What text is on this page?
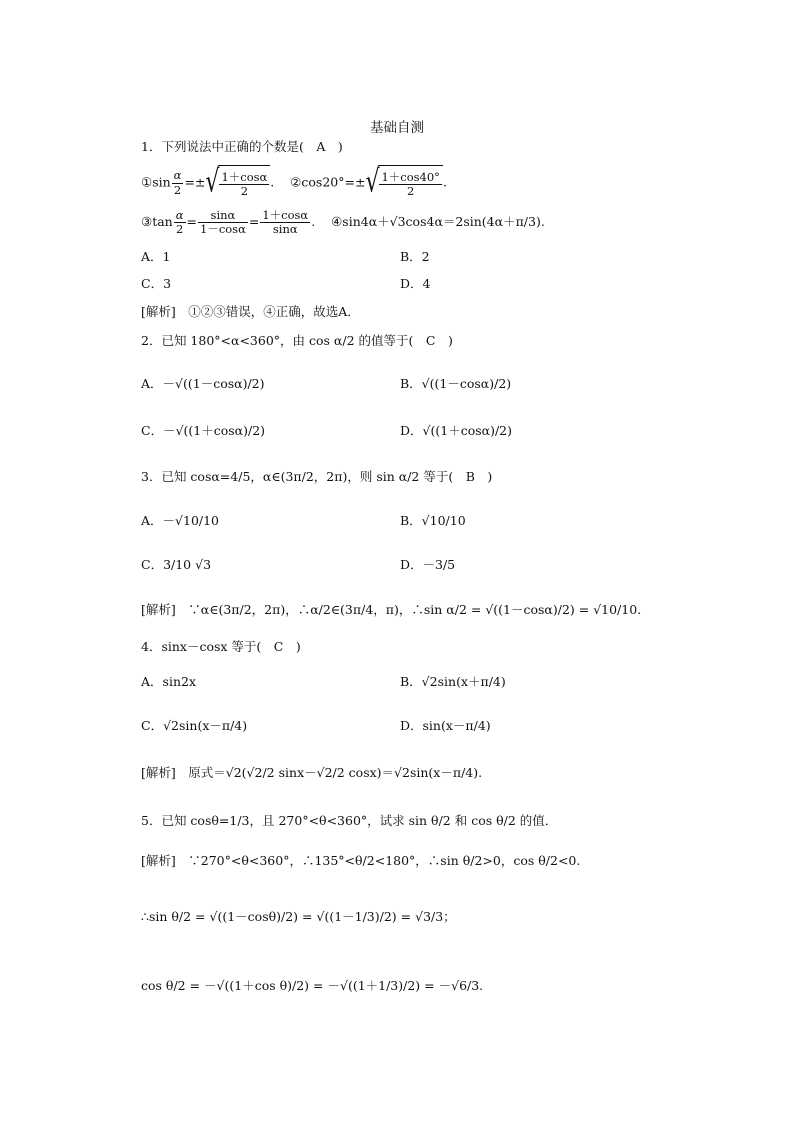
基础自测
1．下列说法中正确的个数是(　A　)
①sin $\frac{\alpha}{2}$ =±√ $\frac{1+\cos\alpha}{2}$ .    ②cos20°=±√ $\frac{1+\cos 40^\circ}{2}$ .
③tan $\frac{\alpha}{2} = \frac{\sin\alpha}{1-\cos\alpha} = \frac{1+\cos\alpha}{\sin\alpha}$ .    ④sin4α＋√3cos4α＝2sin(4α＋π/3).
A．1	B．2
C．3	D．4
[解析]　①②③错误，④正确，故选A．
2．已知 180°<α<360°，由 cos α/2 的值等于(　C　)
A．－√((1－cosα)/2)	B．√((1－cosα)/2)
C．－√((1＋cosα)/2)	D．√((1＋cosα)/2)
3．已知 cosα=4/5，α∈(3π/2，2π)，则 sin α/2 等于(　B　)
A．－√10/10	B．√10/10
C．3/10 √3	D．－3/5
[解析]　∵α∈(3π/2，2π)，∴α/2∈(3π/4，π)，∴sin α/2 = √((1－cosα)/2) = √10/10.
4．sinx－cosx 等于(　C　)
A．sin2x	B．√2sin(x＋π/4)
C．√2sin(x－π/4)	D．sin(x－π/4)
[解析]　原式＝√2(√2/2 sinx－√2/2 cosx)＝√2sin(x－π/4).
5．已知 cosθ=1/3，且 270°<θ<360°，试求 sin θ/2 和 cos θ/2 的值．
[解析]　∵270°<θ<360°，∴135°<θ/2<180°，∴sin θ/2>0，cos θ/2<0.
∴sin θ/2 = √((1－cosθ)/2) = √((1－1/3)/2) = √3/3；
cos θ/2 = －√((1＋cos θ)/2) = －√((1＋1/3)/2) = －√6/3.
